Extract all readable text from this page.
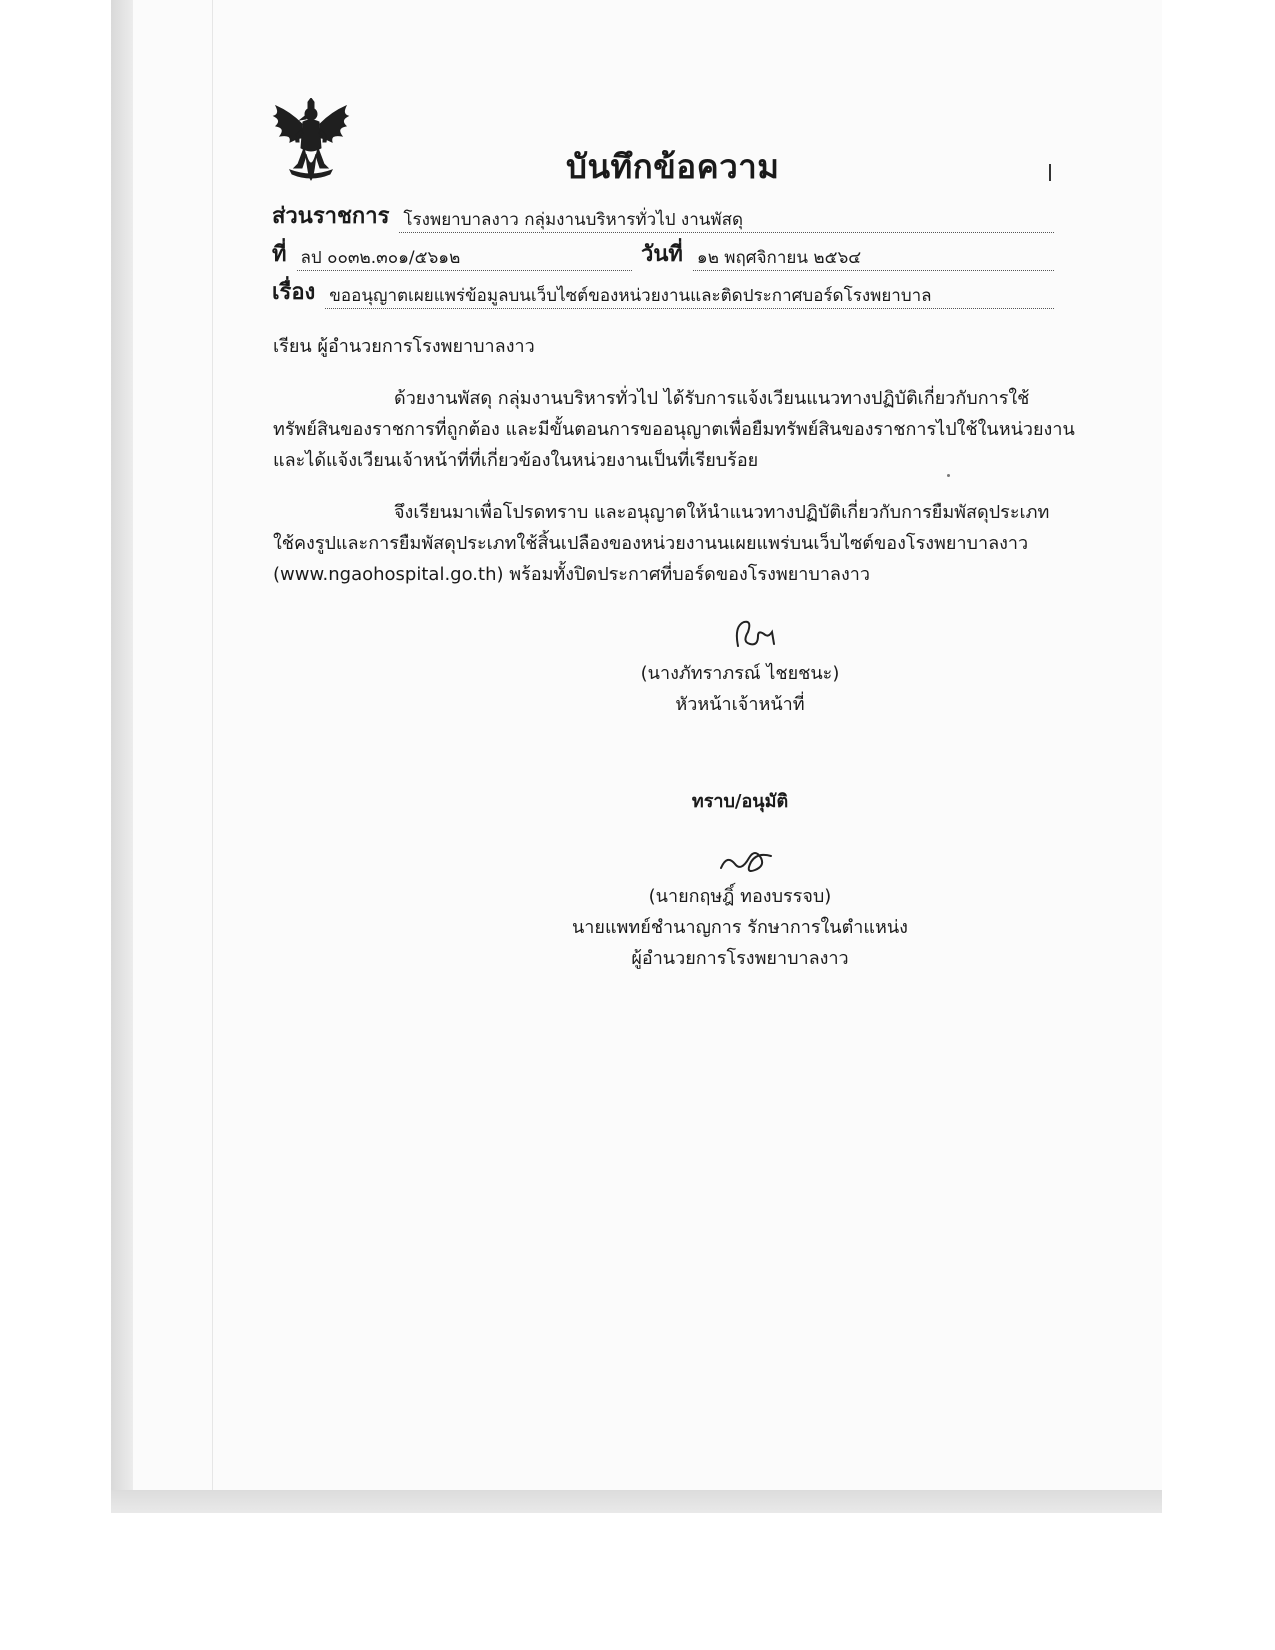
บันทึกข้อความ
ส่วนราชการ โรงพยาบาลงาว กลุ่มงานบริหารทั่วไป งานพัสดุ
ที่ ลป ๐๐๓๒.๓๐๑/๕๖๑๒	วันที่ ๑๒ พฤศจิกายน ๒๕๖๔
เรื่อง ขออนุญาตเผยแพร่ข้อมูลบนเว็บไซต์ของหน่วยงานและติดประกาศบอร์ดโรงพยาบาล
เรียน ผู้อำนวยการโรงพยาบาลงาว
ด้วยงานพัสดุ กลุ่มงานบริหารทั่วไป ได้รับการแจ้งเวียนแนวทางปฏิบัติเกี่ยวกับการใช้
ทรัพย์สินของราชการที่ถูกต้อง และมีขั้นตอนการขออนุญาตเพื่อยืมทรัพย์สินของราชการไปใช้ในหน่วยงาน
และได้แจ้งเวียนเจ้าหน้าที่ที่เกี่ยวข้องในหน่วยงานเป็นที่เรียบร้อย
จึงเรียนมาเพื่อโปรดทราบ และอนุญาตให้นำแนวทางปฏิบัติเกี่ยวกับการยืมพัสดุประเภท
ใช้คงรูปและการยืมพัสดุประเภทใช้สิ้นเปลืองของหน่วยงานนเผยแพร่บนเว็บไซต์ของโรงพยาบาลงาว
(www.ngaohospital.go.th) พร้อมทั้งปิดประกาศที่บอร์ดของโรงพยาบาลงาว
(นางภัทราภรณ์ ไชยชนะ)
หัวหน้าเจ้าหน้าที่
ทราบ/อนุมัติ
(นายกฤษฎิ์ ทองบรรจบ)
นายแพทย์ชำนาญการ รักษาการในตำแหน่ง
ผู้อำนวยการโรงพยาบาลงาว
